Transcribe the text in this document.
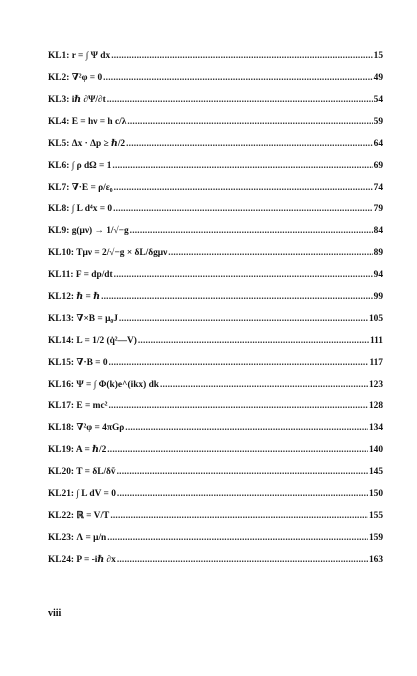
KL1: r = ∫ Ψ dx .....	15
KL2: ∇²φ = 0 .....	49
KL3: iℏ ∂Ψ/∂t .....	54
KL4: E = hν = h c/λ .....	59
KL5: Δx · Δp ≥ ℏ/2 .....	64
KL6: ∫ ρ dΩ = 1 .....	69
KL7: ∇·E = ρ/ε₀ .....	74
KL8: ∫ L d⁴x = 0 .....	79
KL9: g(μν) → 1/√−g .....	84
KL10: Tμν = 2/√−g × δL/δgμν .....	89
KL11: F = dp/dt .....	94
KL12: ℏ = ℏ .....	99
KL13: ∇×B = μ₀J .....	105
KL14: L = 1/2 (q̇²—V) .....	111
KL15: ∇·B = 0 .....	117
KL16: Ψ = ∫ Φ(k)e^(ikx) dk .....	123
KL17: E = mc² .....	128
KL18: ∇²φ = 4πGρ .....	134
KL19: A = ℏ/2 .....	140
KL20: T = δL/δṽ .....	145
KL21: ∫ L dV = 0 .....	150
KL22: ℝ = V/T .....	155
KL23: Λ = μ/n .....	159
KL24: P = -iℏ ∂x .....	163
viii
